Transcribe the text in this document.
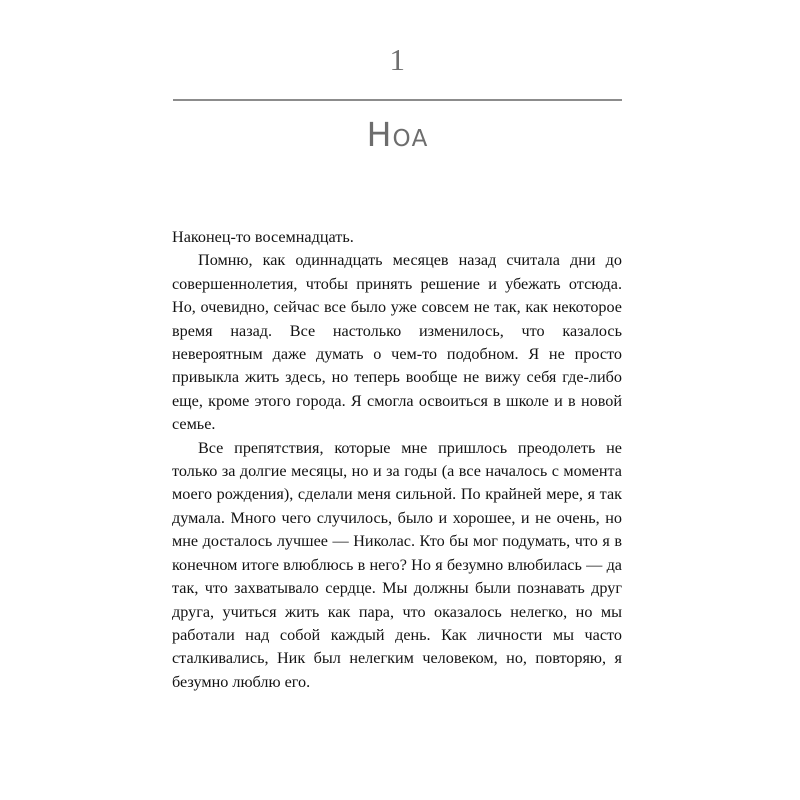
1
Ноа

Наконец-то восемнадцать.

Помню, как одиннадцать месяцев назад считала дни до совершеннолетия, чтобы принять решение и убежать отсюда. Но, очевидно, сейчас все было уже совсем не так, как некоторое время назад. Все настолько изменилось, что казалось невероятным даже думать о чем-то подобном. Я не просто привыкла жить здесь, но теперь вообще не вижу себя где-либо еще, кроме этого города. Я смогла освоиться в школе и в новой семье.

Все препятствия, которые мне пришлось преодолеть не только за долгие месяцы, но и за годы (а все началось с момента моего рождения), сделали меня сильной. По крайней мере, я так думала. Много чего случилось, было и хорошее, и не очень, но мне досталось лучшее — Николас. Кто бы мог подумать, что я в конечном итоге влюблюсь в него? Но я безумно влюбилась — да так, что захватывало сердце. Мы должны были познавать друг друга, учиться жить как пара, что оказалось нелегко, но мы работали над собой каждый день. Как личности мы часто сталкивались, Ник был нелегким человеком, но, повторяю, я безумно люблю его.
